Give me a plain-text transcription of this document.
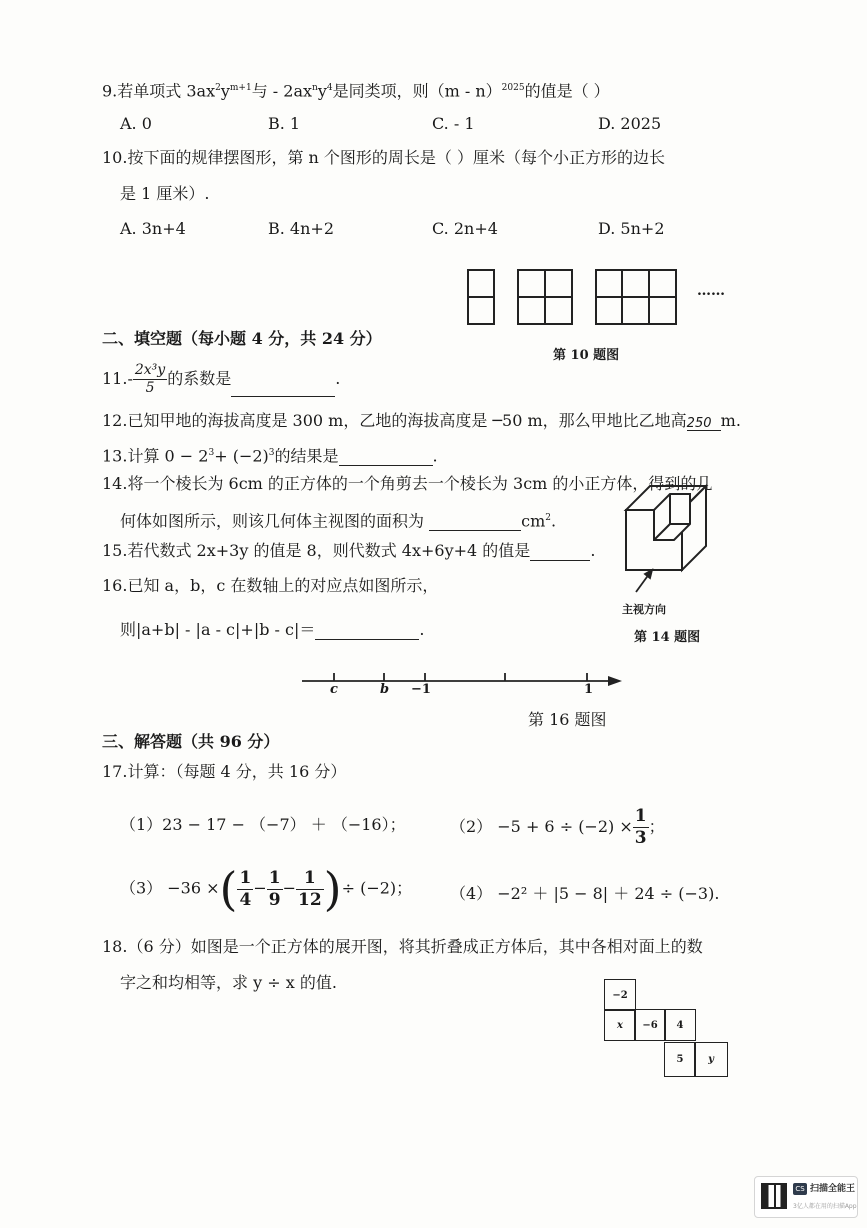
9.若单项式 $3ax^2y^{m+1}$与 - $2ax^ny^4$是同类项，则（m - n）$^{2025}$的值是（ ）
A. 0	B. 1	C. - 1	D. 2025
10.按下面的规律摆图形，第 n 个图形的周长是（ ）厘米（每个小正方形的边长
是 1 厘米）.
A. 3n+4	B. 4n+2	C. 2n+4	D. 5n+2
……
第 10 题图
二、填空题（每小题 4 分，共 24 分）
$11.- \frac{\text{2x³y}}{5}$ 的系数是	.
12.已知甲地的海拔高度是 300 m，乙地的海拔高度是 ─50 m，那么甲地比乙地高250 m.
13.计算 $0 - 2^3+ (-2)^3$的结果是	.
14.将一个棱长为 6cm 的正方体的一个角剪去一个棱长为 3cm 的小正方体，得到的几
何体如图所示，则该几何体主视图的面积为	$cm^2$.
主视方向
第 14 题图
15.若代数式 2x+3y 的值是 8，则代数式 4x+6y+4 的值是	.
16.已知 a，b，c 在数轴上的对应点如图所示，
则|a+b| - |a - c|+|b - c|＝	.
c	b −1	1
第 16 题图
三、解答题（共 96 分）
17.计算：（每题 4 分，共 16 分）
（1）23 − 17 − （−7） ＋ （−16）；	$(2) -5 + 6 \div (-2) \times \frac{1}{3}$ ；
（3） −36 ×( $\frac{1}{4} - \frac{1}{9} - \frac{1}{12}$ )÷ (−2)； （4） −2² ＋ |5 − 8| ＋ 24 ÷ (−3).
18.（6 分）如图是一个正方体的展开图，将其折叠成正方体后，其中各相对面上的数
字之和均相等，求 y ÷ x 的值.
−2
x	−6	4
5	y
CS 扫描全能王
3亿人都在用的扫描App
